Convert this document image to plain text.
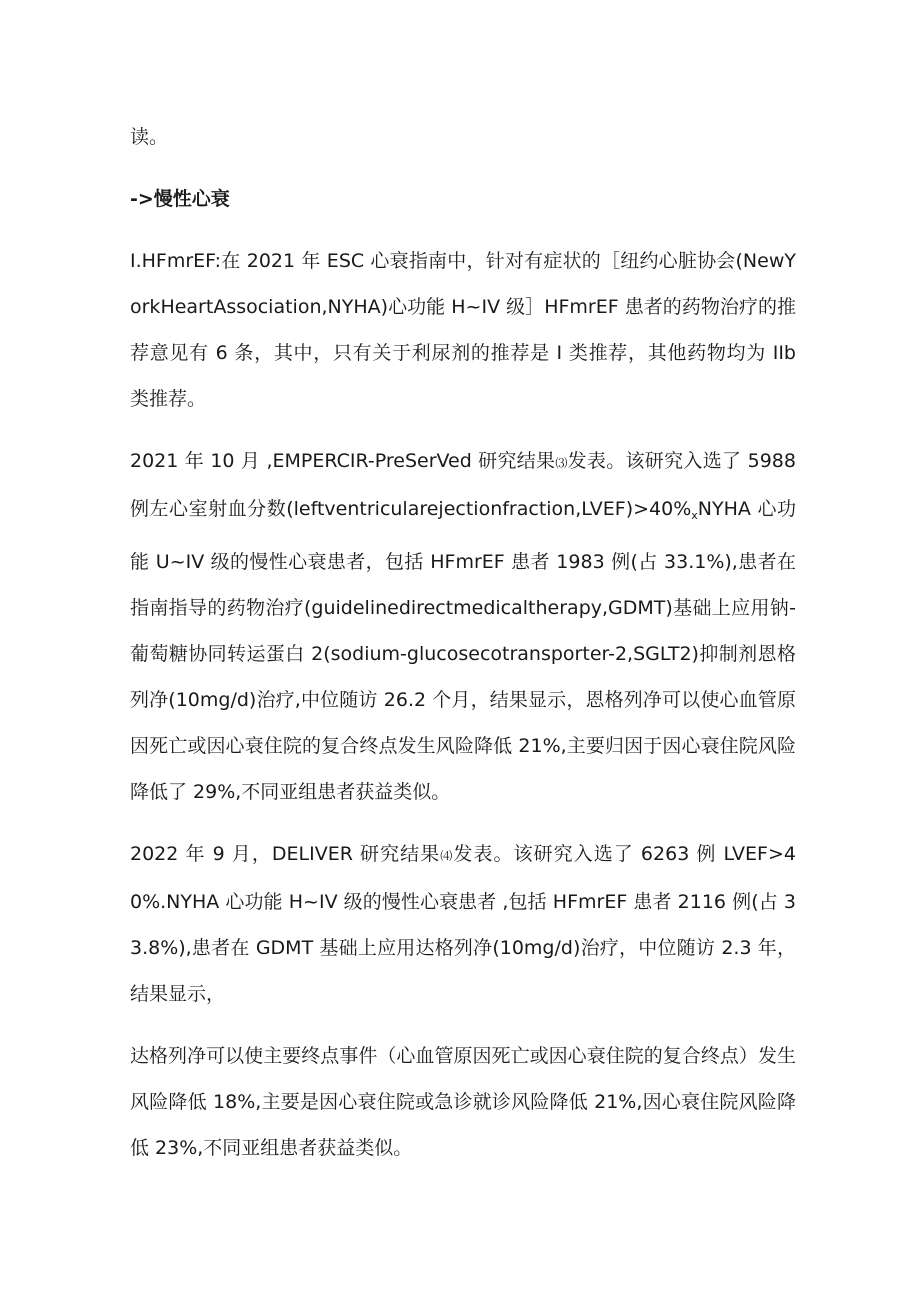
读。

->慢性心衰

I.HFmrEF:在 2021 年 ESC 心衰指南中，针对有症状的［纽约心脏协会(NewYorkHeartAssociation,NYHA)心功能 H~IV 级］HFmrEF 患者的药物治疗的推荐意见有 6 条，其中，只有关于利尿剂的推荐是 I 类推荐，其他药物均为 IIb 类推荐。

2021 年 10 月 ,EMPERCIR-PreSerVed 研究结果⑶发表。该研究入选了 5988 例左心室射血分数$(leftventricularejectionfraction,LVEF)>40\%_xNYHA$ 心功能 U~IV 级的慢性心衰患者，包括 HFmrEF 患者 1983 例(占 33.1%),患者在指南指导的药物治疗(guidelinedirectmedicaltherapy,GDMT)基础上应用钠-葡萄糖协同转运蛋白 2(sodium-glucosecotransporter-2,SGLT2)抑制剂恩格列净(10mg/d)治疗,中位随访 26.2 个月，结果显示，恩格列净可以使心血管原因死亡或因心衰住院的复合终点发生风险降低 21%,主要归因于因心衰住院风险降低了 29%,不同亚组患者获益类似。

2022 年 9 月，DELIVER 研究结果⑷发表。该研究入选了 6263 例 LVEF>40%.NYHA 心功能 H~IV 级的慢性心衰患者 ,包括 HFmrEF 患者 2116 例(占 33.8%),患者在 GDMT 基础上应用达格列净(10mg/d)治疗，中位随访 2.3 年，结果显示，

达格列净可以使主要终点事件（心血管原因死亡或因心衰住院的复合终点）发生风险降低 18%,主要是因心衰住院或急诊就诊风险降低 21%,因心衰住院风险降低 23%,不同亚组患者获益类似。
